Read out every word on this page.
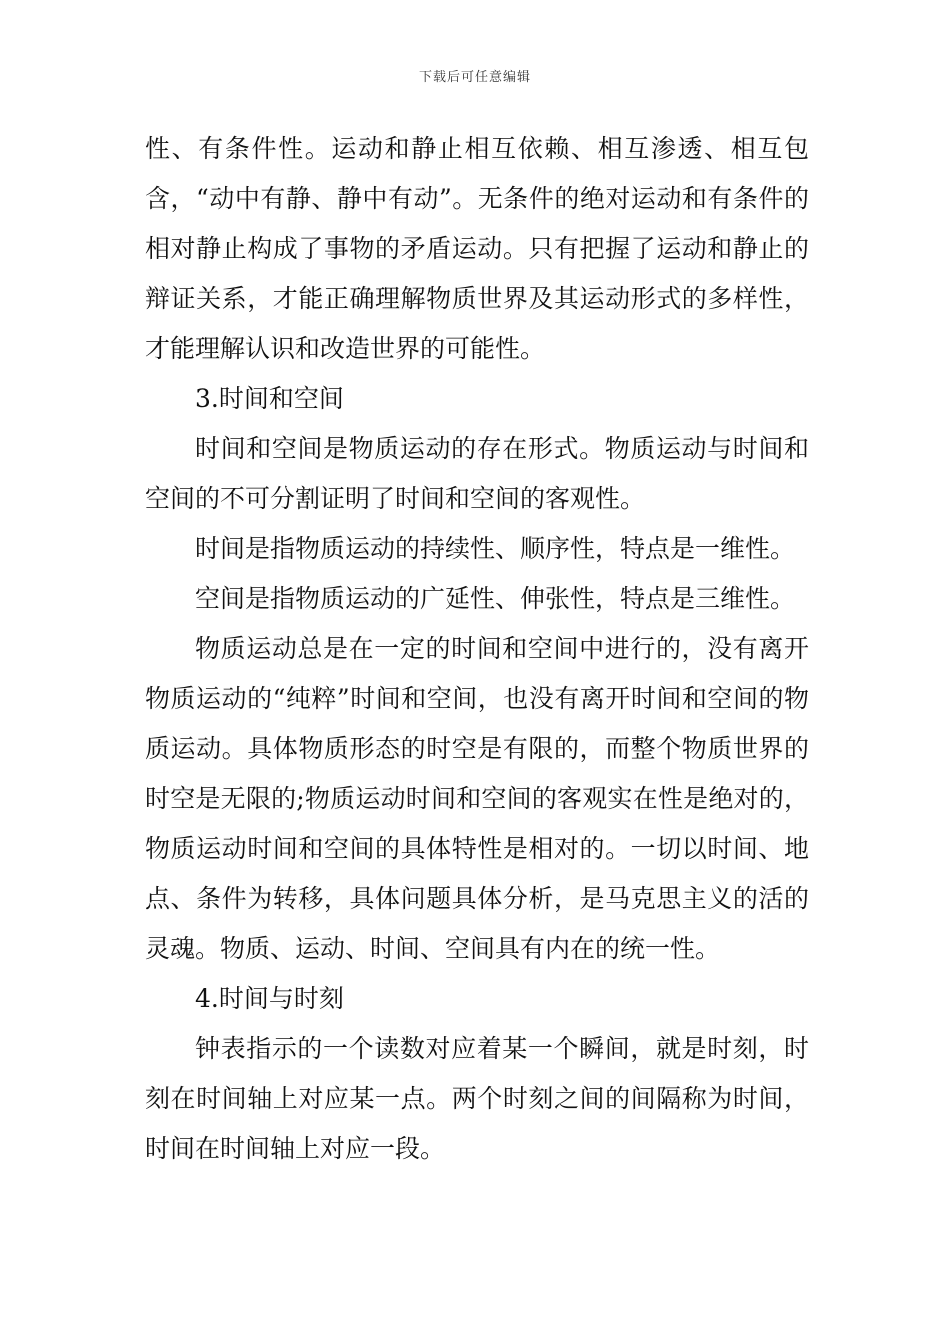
下载后可任意编辑

性、有条件性。运动和静止相互依赖、相互渗透、相互包含，“动中有静、静中有动”。无条件的绝对运动和有条件的相对静止构成了事物的矛盾运动。只有把握了运动和静止的辩证关系，才能正确理解物质世界及其运动形式的多样性，才能理解认识和改造世界的可能性。

3.时间和空间

时间和空间是物质运动的存在形式。物质运动与时间和空间的不可分割证明了时间和空间的客观性。

时间是指物质运动的持续性、顺序性，特点是一维性。

空间是指物质运动的广延性、伸张性，特点是三维性。

物质运动总是在一定的时间和空间中进行的，没有离开物质运动的“纯粹”时间和空间，也没有离开时间和空间的物质运动。具体物质形态的时空是有限的，而整个物质世界的时空是无限的;物质运动时间和空间的客观实在性是绝对的，物质运动时间和空间的具体特性是相对的。一切以时间、地点、条件为转移，具体问题具体分析，是马克思主义的活的灵魂。物质、运动、时间、空间具有内在的统一性。

4.时间与时刻

钟表指示的一个读数对应着某一个瞬间，就是时刻，时刻在时间轴上对应某一点。两个时刻之间的间隔称为时间，时间在时间轴上对应一段。
